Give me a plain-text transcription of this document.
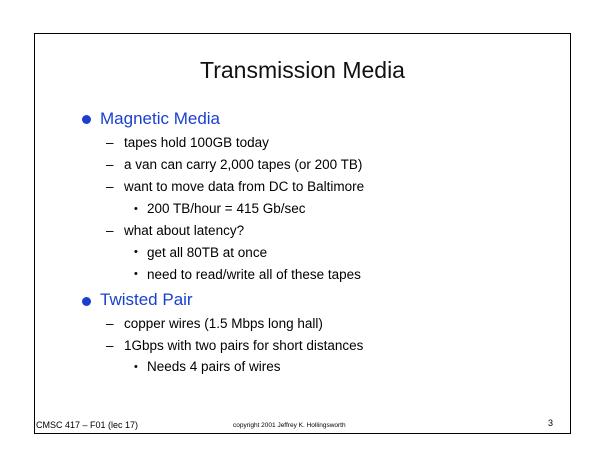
Transmission Media
Magnetic Media
– tapes hold 100GB today
– a van can carry 2,000 tapes (or 200 TB)
– want to move data from DC to Baltimore
• 200 TB/hour = 415 Gb/sec
– what about latency?
• get all 80TB at once
• need to read/write all of these tapes
Twisted Pair
– copper wires (1.5 Mbps long hall)
– 1Gbps with two pairs for short distances
• Needs 4 pairs of wires
CMSC 417 – F01 (lec 17)	copyright 2001 Jeffrey K. Hollingsworth	3
